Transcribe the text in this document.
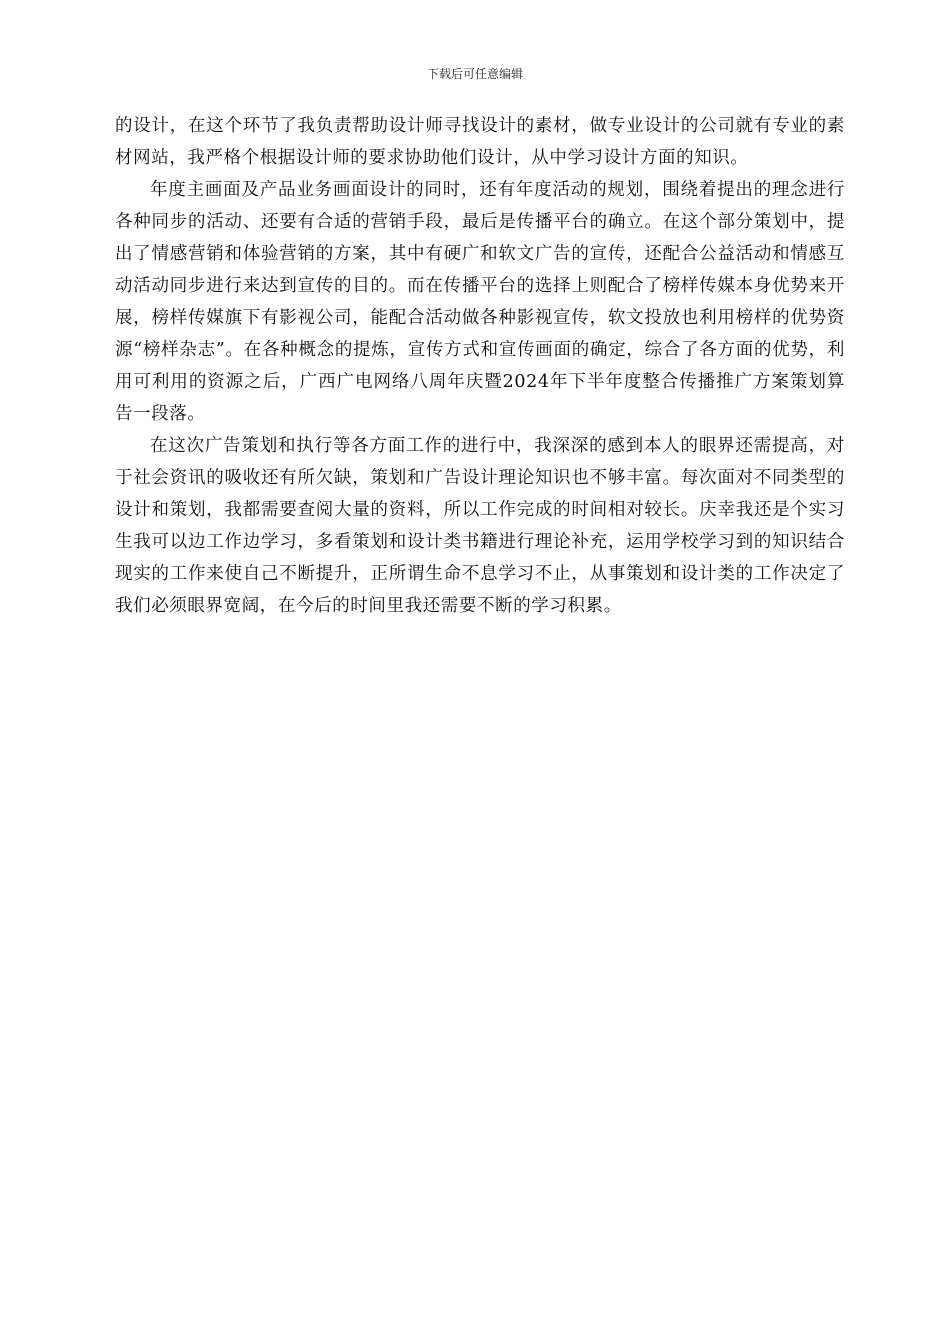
下载后可任意编辑

的设计，在这个环节了我负责帮助设计师寻找设计的素材，做专业设计的公司就有专业的素材网站，我严格个根据设计师的要求协助他们设计，从中学习设计方面的知识。

年度主画面及产品业务画面设计的同时，还有年度活动的规划，围绕着提出的理念进行各种同步的活动、还要有合适的营销手段，最后是传播平台的确立。在这个部分策划中，提出了情感营销和体验营销的方案，其中有硬广和软文广告的宣传，还配合公益活动和情感互动活动同步进行来达到宣传的目的。而在传播平台的选择上则配合了榜样传媒本身优势来开展，榜样传媒旗下有影视公司，能配合活动做各种影视宣传，软文投放也利用榜样的优势资源“榜样杂志”。在各种概念的提炼，宣传方式和宣传画面的确定，综合了各方面的优势，利用可利用的资源之后，广西广电网络八周年庆暨2024年下半年度整合传播推广方案策划算告一段落。

在这次广告策划和执行等各方面工作的进行中，我深深的感到本人的眼界还需提高，对于社会资讯的吸收还有所欠缺，策划和广告设计理论知识也不够丰富。每次面对不同类型的设计和策划，我都需要查阅大量的资料，所以工作完成的时间相对较长。庆幸我还是个实习生我可以边工作边学习，多看策划和设计类书籍进行理论补充，运用学校学习到的知识结合现实的工作来使自己不断提升，正所谓生命不息学习不止，从事策划和设计类的工作决定了我们必须眼界宽阔，在今后的时间里我还需要不断的学习积累。
